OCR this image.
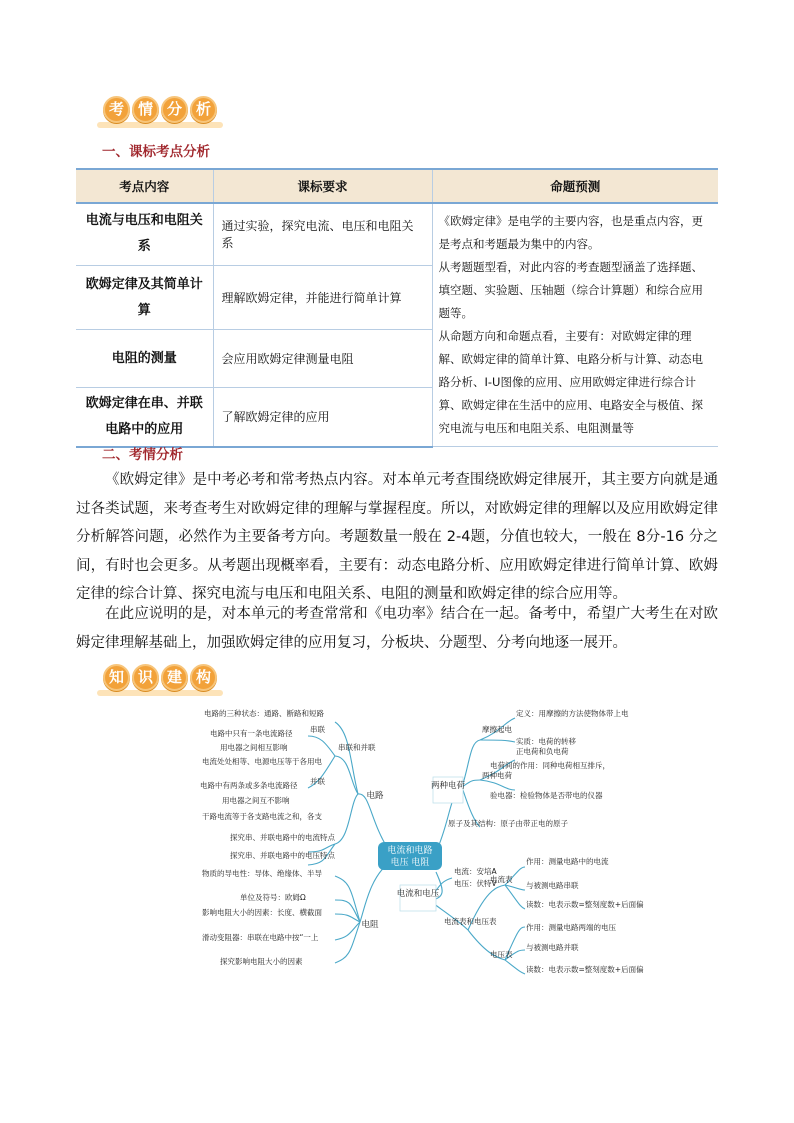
考 情 分 析
一、课标考点分析
考点内容	课标要求	命题预测
电流与电压和电阻关系	通过实验，探究电流、电压和电阻关系	《欧姆定律》是电学的主要内容，也是重点内容，更是考点和考题最为集中的内容。

从考题题型看，对此内容的考查题型涵盖了选择题、填空题、实验题、压轴题（综合计算题）和综合应用题等。

从命题方向和命题点看，主要有：对欧姆定律的理解、欧姆定律的简单计算、电路分析与计算、动态电路分析、I-U图像的应用、应用欧姆定律进行综合计算、欧姆定律在生活中的应用、电路安全与极值、探究电流与电压和电阻关系、电阻测量等

欧姆定律及其简单计算	理解欧姆定律，并能进行简单计算	
电阻的测量	会应用欧姆定律测量电阻	
欧姆定律在串、并联电路中的应用	了解欧姆定律的应用	
二、考情分析

《欧姆定律》是中考必考和常考热点内容。对本单元考查围绕欧姆定律展开，其主要方向就是通过各类试题，来考查考生对欧姆定律的理解与掌握程度。所以，对欧姆定律的理解以及应用欧姆定律分析解答问题，必然作为主要备考方向。考题数量一般在 2-4题，分值也较大，一般在 8分-16 分之间，有时也会更多。从考题出现概率看，主要有：动态电路分析、应用欧姆定律进行简单计算、欧姆定律的综合计算、探究电流与电压和电阻关系、电阻的测量和欧姆定律的综合应用等。

在此应说明的是，对本单元的考查常常和《电功率》结合在一起。备考中，希望广大考生在对欧姆定律理解基础上，加强欧姆定律的应用复习，分板块、分题型、分考向地逐一展开。

知 识 建 构
电流和电路
电压 电阻
两种电荷
电流和电压
电路
电阻
串联和并联
串联
并联
电路的三种状态：通路、断路和短路
电路中只有一条电流路径
用电器之间相互影响
电流处处相等、电源电压等于各用电
电路中有两条或多条电流路径
用电器之间互不影响
干路电流等于各支路电流之和，各支
探究串、并联电路中的电流特点
探究串、并联电路中的电压特点
物质的导电性：导体、绝缘体、半导
单位及符号：欧姆Ω
影响电阻大小的因素：长度、横截面
滑动变阻器：串联在电路中按“一上
探究影响电阻大小的因素
摩擦起电
定义：用摩擦的方法使物体带上电
实质：电荷的转移
正电荷和负电荷
两种电荷
电荷间的作用：同种电荷相互排斥，
验电器：检验物体是否带电的仪器
原子及其结构：原子由带正电的原子
电流：安培A
电压：伏特V
电流表和电压表
电流表
电压表
作用：测量电路中的电流
与被测电路串联
读数：电表示数=整刻度数+后面偏
作用：测量电路两端的电压
与被测电路并联
读数：电表示数=整刻度数+后面偏
